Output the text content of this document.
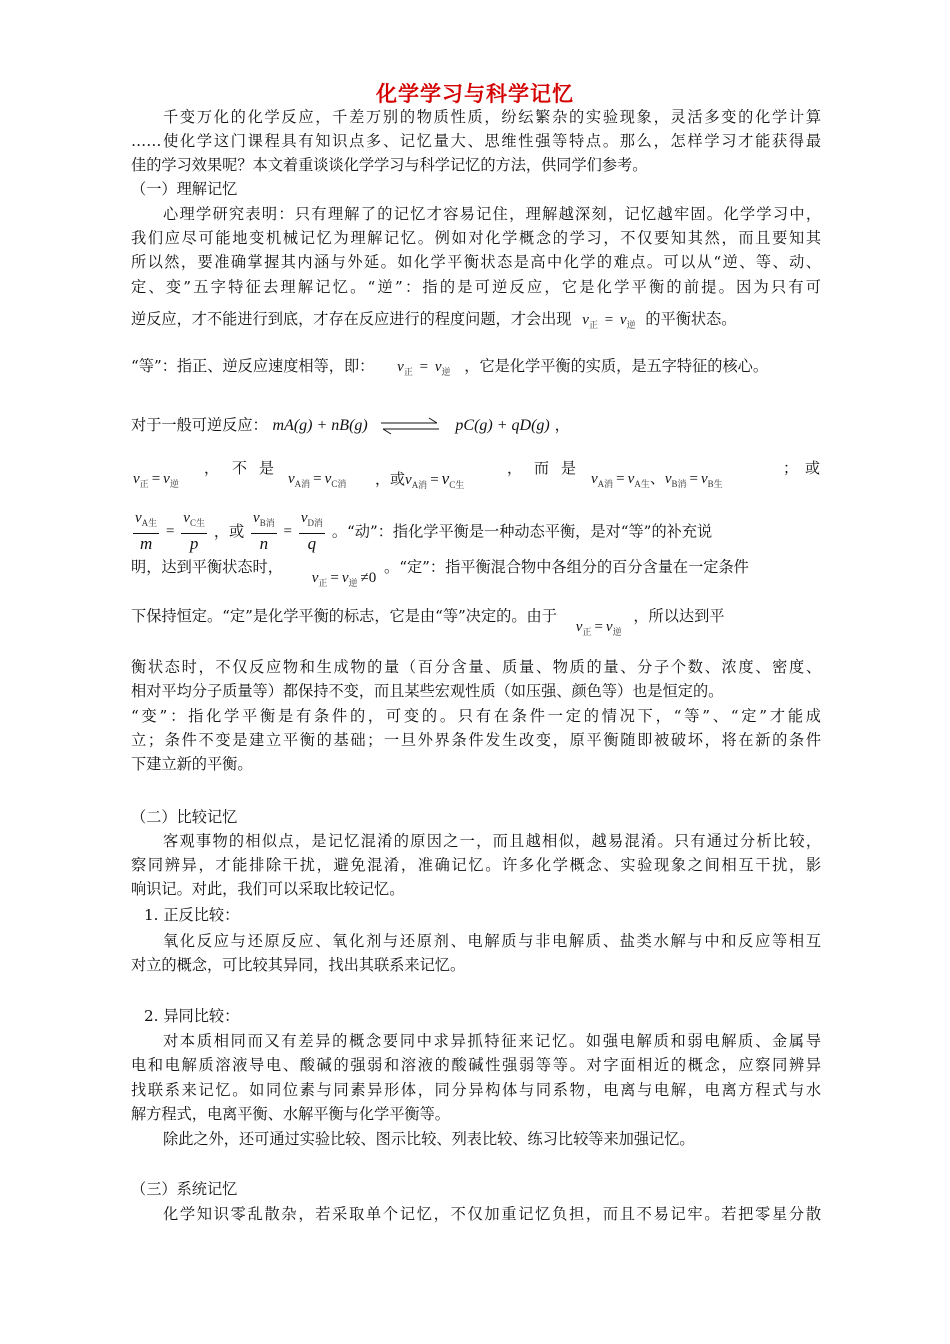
化学学习与科学记忆
千变万化的化学反应，千差万别的物质性质，纷纭繁杂的实验现象，灵活多变的化学计算
……使化学这门课程具有知识点多、记忆量大、思维性强等特点。那么，怎样学习才能获得最
佳的学习效果呢？本文着重谈谈化学学习与科学记忆的方法，供同学们参考。
（一）理解记忆
心理学研究表明：只有理解了的记忆才容易记住，理解越深刻，记忆越牢固。化学学习中，
我们应尽可能地变机械记忆为理解记忆。例如对化学概念的学习，不仅要知其然，而且要知其
所以然，要准确掌握其内涵与外延。如化学平衡状态是高中化学的难点。可以从“逆、等、动、
定、变”五字特征去理解记忆。“逆”：指的是可逆反应，它是化学平衡的前提。因为只有可
逆反应，才不能进行到底，才存在反应进行的程度问题，才会出现 $v_正 = v_逆$ 的平衡状态。
“等”：指正、逆反应速度相等，即： $v_正 = v_逆$ ，它是化学平衡的实质，是五字特征的核心。
对于一般可逆反应： mA(g) + nB(g)	pC(g) + qD(g) ，
$v_正 = v_逆$
， 不 是
$v_{A消} = v_{C消}$ ，或$v_{A消} = v_{C生}$
， 而 是
$v_{A消} = v_{A生}$、$v_{B消} = v_{B生}$
； 或
$\frac{v_{A生}}{m} = \frac{v_{C生}}{p}$ ，或 $\frac{v_{B消}}{n} = \frac{v_{D消}}{q}$ 。“动”：指化学平衡是一种动态平衡，是对“等”的补充说
明，达到平衡状态时， $v_正 = v_逆 \ne 0$ 。“定”：指平衡混合物中各组分的百分含量在一定条件
下保持恒定。“定”是化学平衡的标志，它是由“等”决定的。由于 $v_正 = v_逆$ ，所以达到平
衡状态时，不仅反应物和生成物的量（百分含量、质量、物质的量、分子个数、浓度、密度、
相对平均分子质量等）都保持不变，而且某些宏观性质（如压强、颜色等）也是恒定的。
“变”：指化学平衡是有条件的，可变的。只有在条件一定的情况下，“等”、“定”才能成
立；条件不变是建立平衡的基础；一旦外界条件发生改变，原平衡随即被破坏，将在新的条件
下建立新的平衡。
（二）比较记忆
客观事物的相似点，是记忆混淆的原因之一，而且越相似，越易混淆。只有通过分析比较，
察同辨异，才能排除干扰，避免混淆，准确记忆。许多化学概念、实验现象之间相互干扰，影
响识记。对此，我们可以采取比较记忆。
1. 正反比较：
氧化反应与还原反应、氧化剂与还原剂、电解质与非电解质、盐类水解与中和反应等相互
对立的概念，可比较其异同，找出其联系来记忆。
2. 异同比较：
对本质相同而又有差异的概念要同中求异抓特征来记忆。如强电解质和弱电解质、金属导
电和电解质溶液导电、酸碱的强弱和溶液的酸碱性强弱等等。对字面相近的概念，应察同辨异
找联系来记忆。如同位素与同素异形体，同分异构体与同系物，电离与电解，电离方程式与水
解方程式，电离平衡、水解平衡与化学平衡等。
除此之外，还可通过实验比较、图示比较、列表比较、练习比较等来加强记忆。
（三）系统记忆
化学知识零乱散杂，若采取单个记忆，不仅加重记忆负担，而且不易记牢。若把零星分散
